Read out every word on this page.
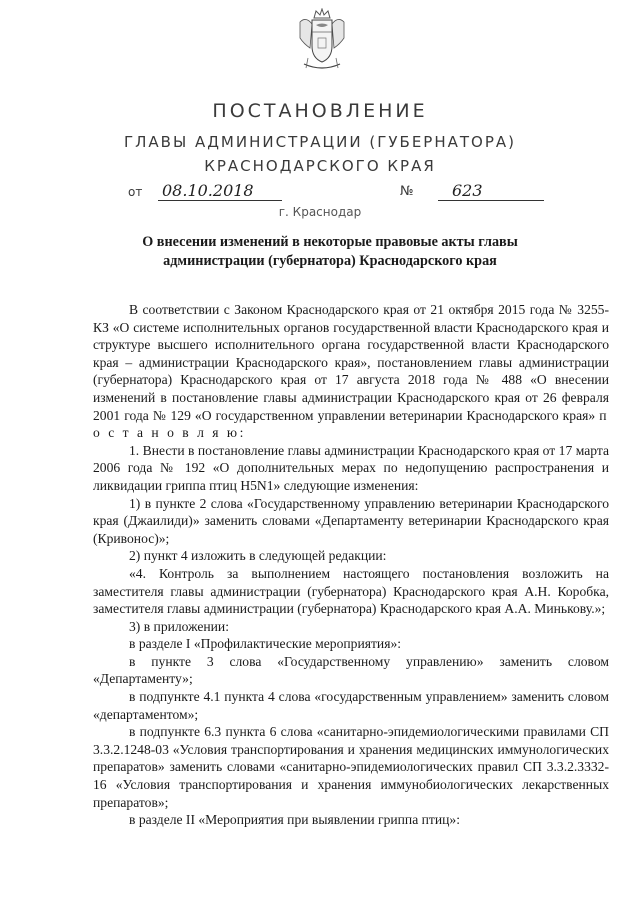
ПОСТАНОВЛЕНИЕ
ГЛАВЫ АДМИНИСТРАЦИИ (ГУБЕРНАТОРА)
КРАСНОДАРСКОГО КРАЯ
от 08.10.2018	№	623
г. Краснодар
О внесении изменений в некоторые правовые акты главы администрации (губернатора) Краснодарского края

В соответствии с Законом Краснодарского края от 21 октября 2015 года № 3255-КЗ «О системе исполнительных органов государственной власти Краснодарского края и структуре высшего исполнительного органа государственной власти Краснодарского края – администрации Краснодарского края», постановлением главы администрации (губернатора) Краснодарского края от 17 августа 2018 года № 488 «О внесении изменений в постановление главы администрации Краснодарского края от 26 февраля 2001 года № 129 «О государственном управлении ветеринарии Краснодарского края» п о с т а н о в л я ю:

1. Внести в постановление главы администрации Краснодарского края от 17 марта 2006 года № 192 «О дополнительных мерах по недопущению распространения и ликвидации гриппа птиц H5N1» следующие изменения:

1) в пункте 2 слова «Государственному управлению ветеринарии Краснодарского края (Джаилиди)» заменить словами «Департаменту ветеринарии Краснодарского края (Кривонос)»;

2) пункт 4 изложить в следующей редакции:

«4. Контроль за выполнением настоящего постановления возложить на заместителя главы администрации (губернатора) Краснодарского края А.Н. Коробка, заместителя главы администрации (губернатора) Краснодарского края А.А. Минькову.»;

3) в приложении:

в разделе I «Профилактические мероприятия»:

в пункте 3 слова «Государственному управлению» заменить словом «Департаменту»;

в подпункте 4.1 пункта 4 слова «государственным управлением» заменить словом «департаментом»;

в подпункте 6.3 пункта 6 слова «санитарно-эпидемиологическими правилами СП 3.3.2.1248-03 «Условия транспортирования и хранения медицинских иммунологических препаратов» заменить словами «санитарно-эпидемиологических правил СП 3.3.2.3332-16 «Условия транспортирования и хранения иммунобиологических лекарственных препаратов»;

в разделе II «Мероприятия при выявлении гриппа птиц»:
